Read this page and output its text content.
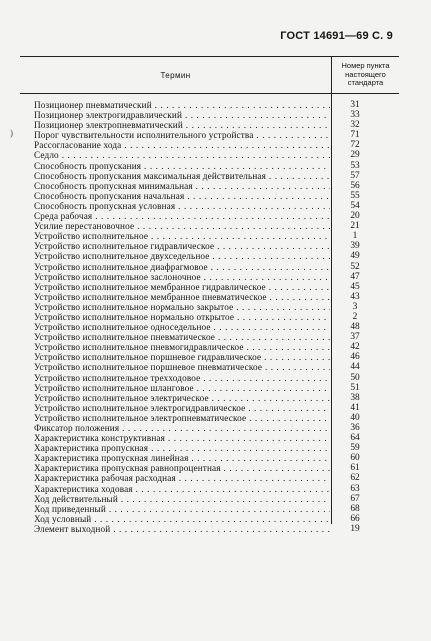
ГОСТ 14691—69 С. 9
Термин
Номер пункта
настоящего
стандарта
)
Позиционер пневматический . . .	31
Позиционер электрогидравлический . . .	33
Позиционер электропневматический . . .	32
Порог чувствительности исполнительного устройства . . .	71
Рассогласование хода . . .	72
Седло . . .	29
Способность пропускания . . .	53
Способность пропускания максимальная действительная . . .	57
Способность пропускная минимальная . . .	56
Способность пропускания начальная . . .	55
Способность пропускная условная . . .	54
Среда рабочая . . .	20
Усилие перестановочное . . .	21
Устройство исполнительное . . .	1
Устройство исполнительное гидравлическое . . .	39
Устройство исполнительное двухседельное . . .	49
Устройство исполнительное диафрагмовое . . .	52
Устройство исполнительное заслоночное . . .	47
Устройство исполнительное мембранное гидравлическое . . .	45
Устройство исполнительное мембранное пневматическое . . .	43
Устройство исполнительное нормально закрытое . . .	3
Устройство исполнительное нормально открытое . . .	2
Устройство исполнительное односедельное . . .	48
Устройство исполнительное пневматическое . . .	37
Устройство исполнительное пневмогидравлическое . . .	42
Устройство исполнительное поршневое гидравлическое . . .	46
Устройство исполнительное поршневое пневматическое . . .	44
Устройство исполнительное трехходовое . . .	50
Устройство исполнительное шланговое . . .	51
Устройство исполнительное электрическое . . .	38
Устройство исполнительное электрогидравлическое . . .	41
Устройство исполнительное электропневматическое . . .	40
Фиксатор положения . . .	36
Характеристика конструктивная . . .	64
Характеристика пропускная . . .	59
Характеристика пропускная линейная . . .	60
Характеристика пропускная равнопроцентная . . .	61
Характеристика рабочая расходная . . .	62
Характеристика ходовая . . .	63
Ход действительный . . .	67
Ход приведенный . . .	68
Ход условный . . .	66
Элемент выходной . . .	19
